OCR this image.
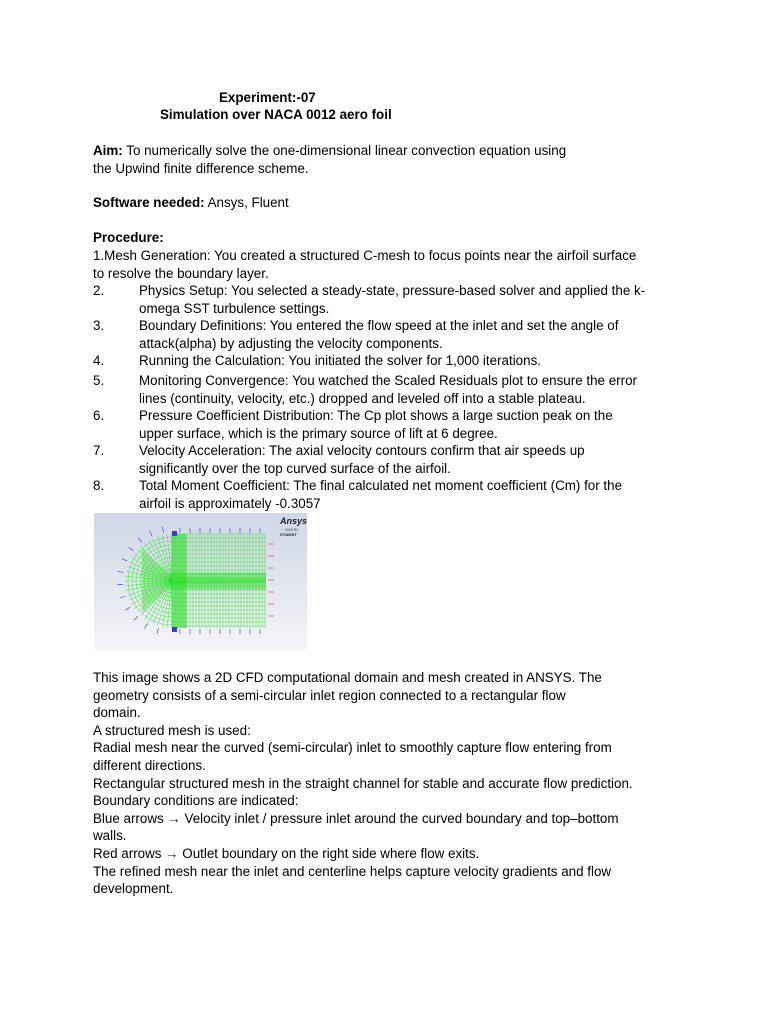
Experiment:-07
Simulation over NACA 0012 aero foil
Aim: To numerically solve the one-dimensional linear convection equation using
the Upwind finite difference scheme.
Software needed: Ansys, Fluent
Procedure:
1.Mesh Generation: You created a structured C-mesh to focus points near the airfoil surface
to resolve the boundary layer.
2.	Physics Setup: You selected a steady-state, pressure-based solver and applied the k-
omega SST turbulence settings.
3.	Boundary Definitions: You entered the flow speed at the inlet and set the angle of
attack(alpha) by adjusting the velocity components.
4.	Running the Calculation: You initiated the solver for 1,000 iterations.
5.	Monitoring Convergence: You watched the Scaled Residuals plot to ensure the error
lines (continuity, velocity, etc.) dropped and leveled off into a stable plateau.
6.	Pressure Coefficient Distribution: The Cp plot shows a large suction peak on the
upper surface, which is the primary source of lift at 6 degree.
7.	Velocity Acceleration: The axial velocity contours confirm that air speeds up
significantly over the top curved surface of the airfoil.
8.	Total Moment Coefficient: The final calculated net moment coefficient (Cm) for the
airfoil is approximately -0.3057
Ansys
2023 R2
STUDENT
This image shows a 2D CFD computational domain and mesh created in ANSYS. The
geometry consists of a semi-circular inlet region connected to a rectangular flow
domain.
A structured mesh is used:
Radial mesh near the curved (semi-circular) inlet to smoothly capture flow entering from
different directions.
Rectangular structured mesh in the straight channel for stable and accurate flow prediction.
Boundary conditions are indicated:
Blue arrows → Velocity inlet / pressure inlet around the curved boundary and top–bottom
walls.
Red arrows → Outlet boundary on the right side where flow exits.
The refined mesh near the inlet and centerline helps capture velocity gradients and flow
development.
